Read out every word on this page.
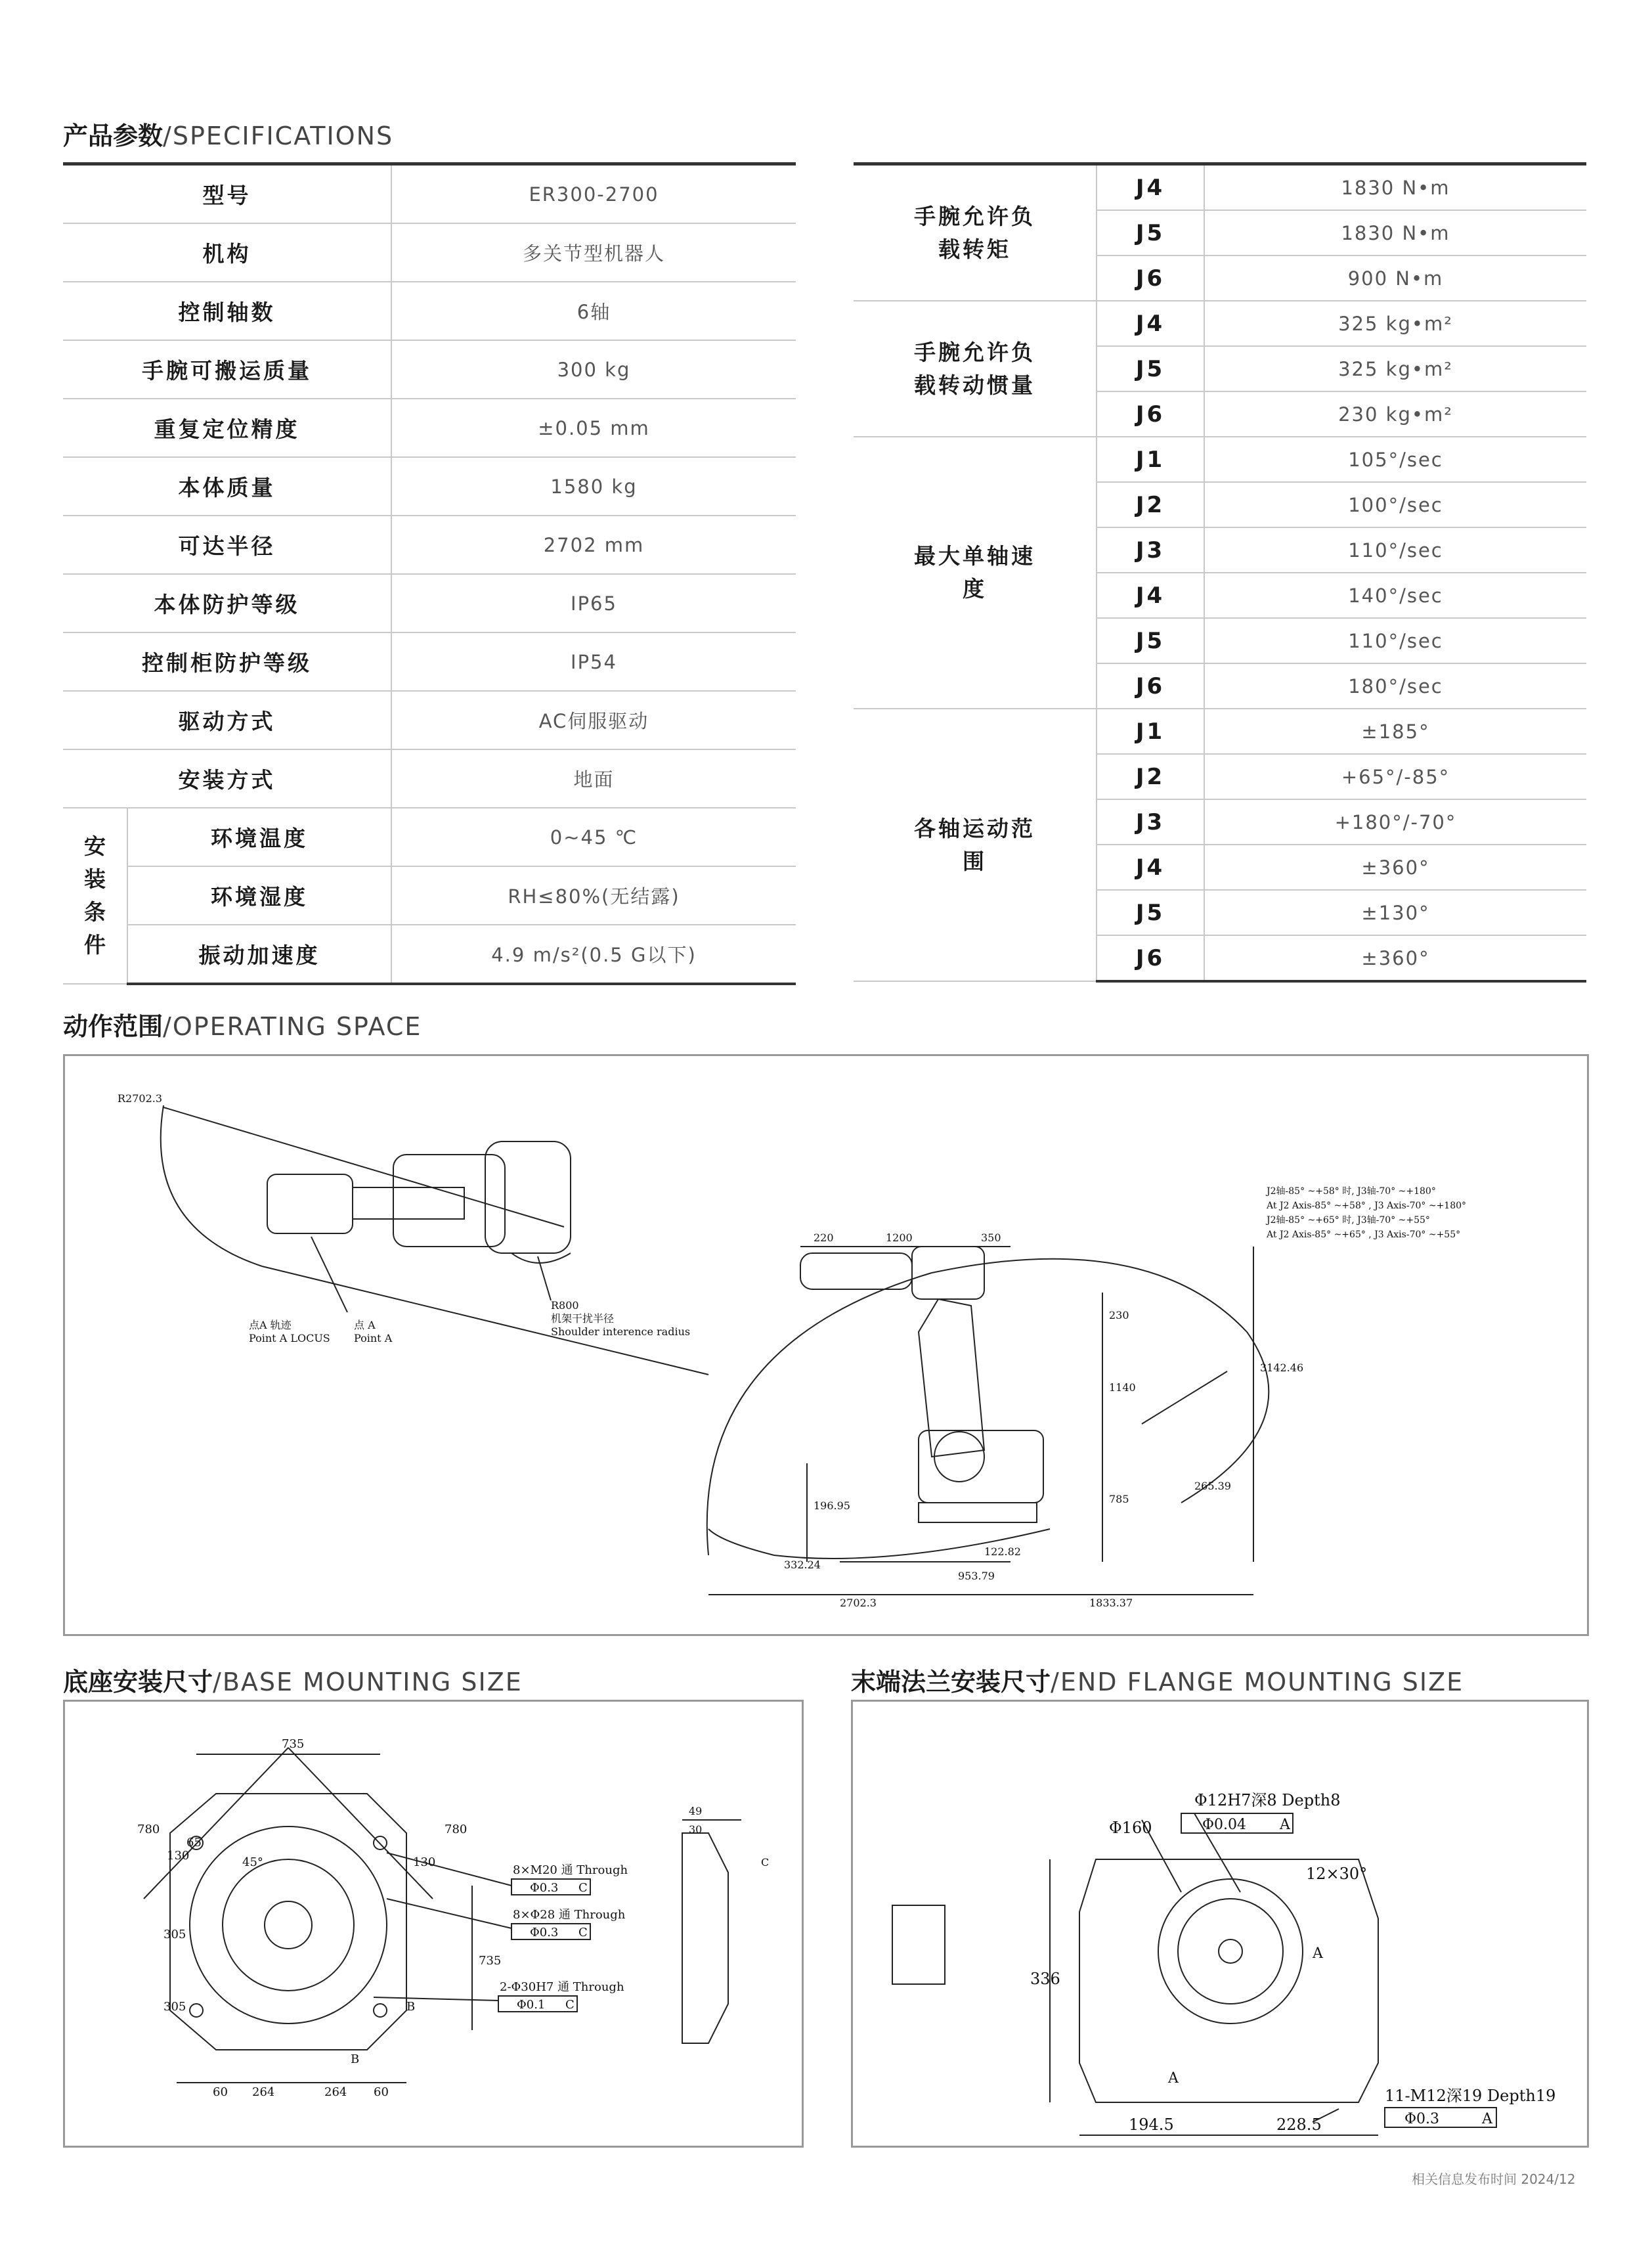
产品参数/SPECIFICATIONS
型号		ER300-2700
机构		多关节型机器人
控制轴数		6轴
手腕可搬运质量		300 kg
重复定位精度		±0.05 mm
本体质量		1580 kg
可达半径		2702 mm
本体防护等级		IP65
控制柜防护等级		IP54
驱动方式		AC伺服驱动
安装方式		地面
安装条件	环境温度	0~45 ℃
	环境湿度	RH≤80%(无结露)
	振动加速度	4.9 m/s²(0.5 G以下)
手腕允许负载转矩	J4	1830 N•m
	J5	1830 N•m
	J6	900 N•m
手腕允许负载转动惯量	J4	325 kg•m²
	J5	325 kg•m²
	J6	230 kg•m²
最大单轴速度	J1	105°/sec
	J2	100°/sec
	J3	110°/sec
	J4	140°/sec
	J5	110°/sec
	J6	180°/sec
各轴运动范围	J1	±185°
	J2	+65°/-85°
	J3	+180°/-70°
	J4	±360°
	J5	±130°
	J6	±360°
动作范围/OPERATING SPACE
R2702.3
R800
机架干扰半径
Shoulder interence radius
点A 轨迹
Point A LOCUS
点 A
Point A
J2轴-85° ~+58° 时, J3轴-70° ~+180°
At J2 Axis-85° ~+58° , J3 Axis-70° ~+180°
J2轴-85° ~+65° 时, J3轴-70° ~+55°
At J2 Axis-85° ~+65° , J3 Axis-70° ~+55°
220	1200	350
230
1140
3142.46
785
265.39
196.95
332.24
122.82
953.79
2702.3	1833.37
底座安装尺寸/BASE MOUNTING SIZE	末端法兰安装尺寸/END FLANGE MOUNTING SIZE
735
780	780
130
65
45°	130
305
305
735
60 264	264 60
8×M20 通 Through
Φ0.3 C
8×Φ28 通 Through
Φ0.3 C
2-Φ30H7 通 Through
Φ0.1 C
B
B
49
30
C
Φ12H7深8 Depth8
Φ0.04 A
Φ160
12×30°
11-M12深19 Depth19
Φ0.3	A
336
194.5	228.5
A
A
相关信息发布时间 2024/12
